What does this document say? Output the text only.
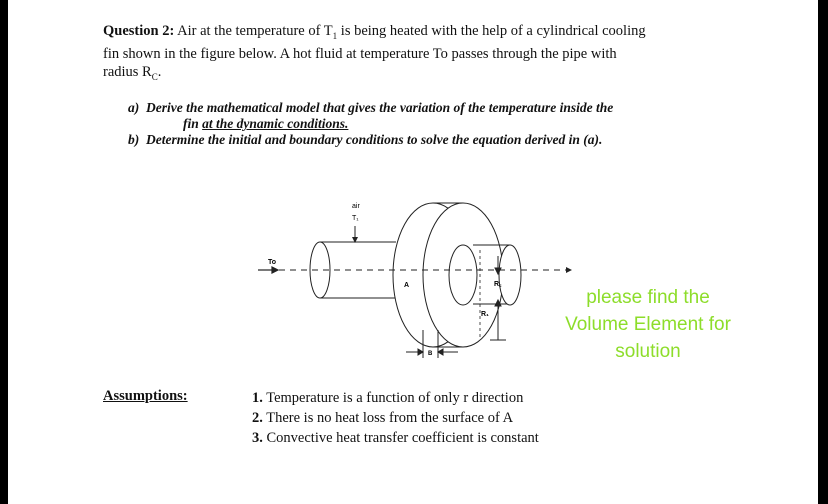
Question 2: Air at the temperature of $T_1$ is being heated with the help of a cylindrical cooling
fin shown in the figure below. A hot fluid at temperature To passes through the pipe with
radius $R_C$.
a) Derive the mathematical model that gives the variation of the temperature inside the
fin at the dynamic conditions.
b) Determine the initial and boundary conditions to solve the equation derived in (a).
To
air
T₁
A	R꜀
R₁
B
please find the
Volume Element for
solution
Assumptions:	1. Temperature is a function of only r direction
2. There is no heat loss from the surface of A
3. Convective heat transfer coefficient is constant
